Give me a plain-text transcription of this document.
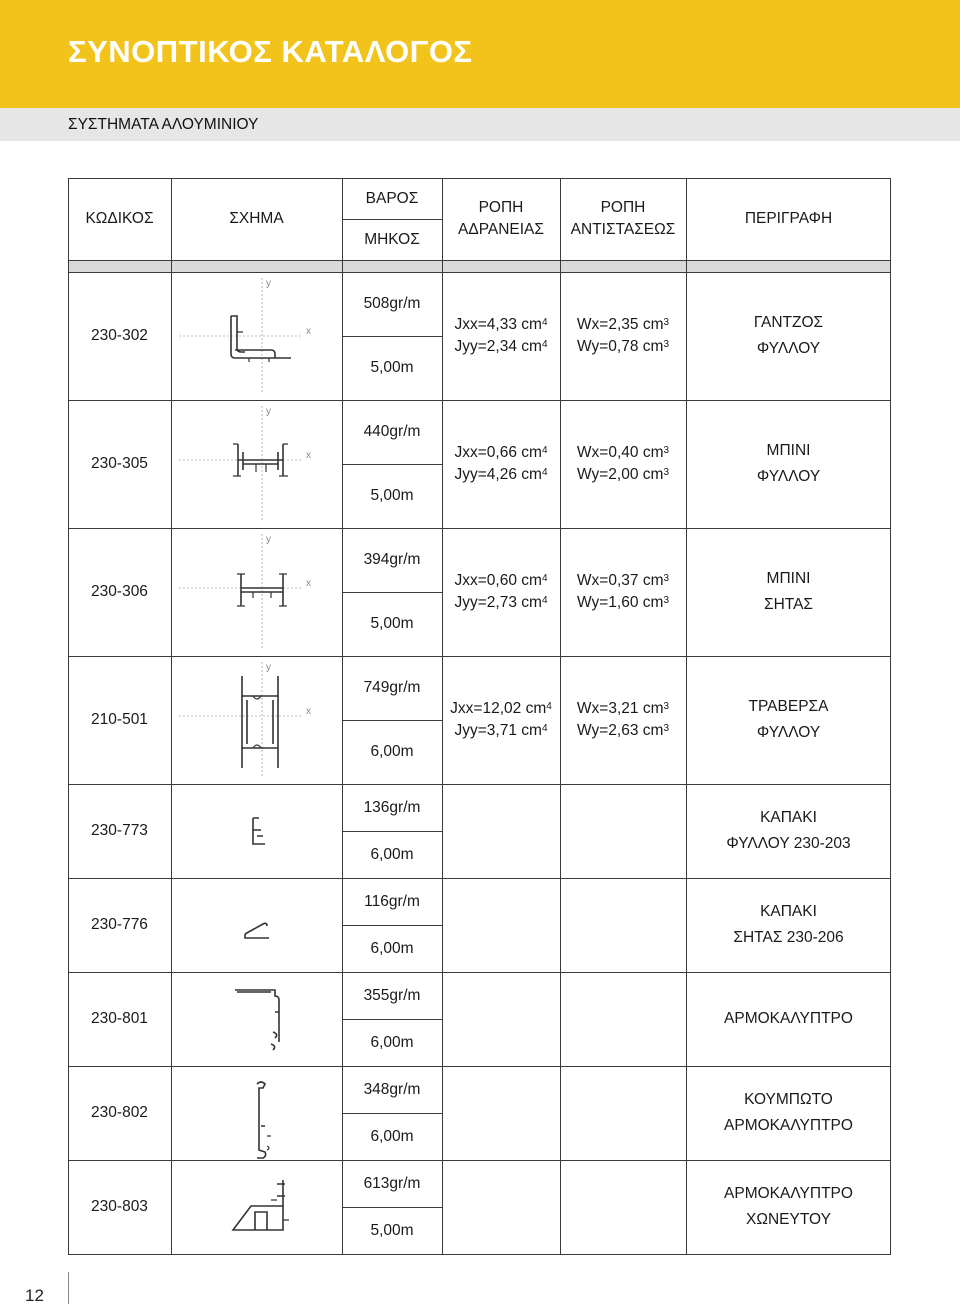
ΣΥΝΟΠΤΙΚΟΣ ΚΑΤΑΛΟΓΟΣ
ΣΥΣΤΗΜΑΤΑ ΑΛΟΥΜΙΝΙΟΥ
ΚΩΔΙΚΟΣ	ΣΧΗΜΑ
ΒΑΡΟΣ
ΜΗΚΟΣ
ΡΟΠΗ
ΑΔΡΑΝΕΙΑΣ
ΡΟΠΗ
ΑΝΤΙΣΤΑΣΕΩΣ
ΠΕΡΙΓΡΑΦΗ
230-302
y
x
508gr/m
5,00m
Jxx=4,33 $cm^4$
Jyy=2,34 $cm^4$
Wx=2,35 $cm^3$
Wy=0,78 $cm^3$
ΓΑΝΤΖΟΣ
ΦΥΛΛΟΥ
230-305
y
x
440gr/m
5,00m
Jxx=0,66 $cm^4$
Jyy=4,26 $cm^4$
Wx=0,40 $cm^3$
Wy=2,00 $cm^3$
ΜΠΙΝΙ
ΦΥΛΛΟΥ
230-306
y
x
394gr/m
5,00m
Jxx=0,60 $cm^4$
Jyy=2,73 $cm^4$
Wx=0,37 $cm^3$
Wy=1,60 $cm^3$
ΜΠΙΝΙ
ΣΗΤΑΣ
210-501
y
x
749gr/m
6,00m
Jxx=12,02 $cm^4$
Jyy=3,71 $cm^4$
Wx=3,21 $cm^3$
Wy=2,63 $cm^3$
ΤΡΑΒΕΡΣΑ
ΦΥΛΛΟΥ
230-773
136gr/m
6,00m
ΚΑΠΑΚΙ
ΦΥΛΛΟΥ 230-203
230-776
116gr/m
6,00m
ΚΑΠΑΚΙ
ΣΗΤΑΣ 230-206
230-801
355gr/m
6,00m
ΑΡΜΟΚΑΛΥΠΤΡΟ
230-802
348gr/m
6,00m
ΚΟΥΜΠΩΤΟ
ΑΡΜΟΚΑΛΥΠΤΡΟ
230-803
613gr/m
5,00m
ΑΡΜΟΚΑΛΥΠΤΡΟ
ΧΩΝΕΥΤΟΥ
12
